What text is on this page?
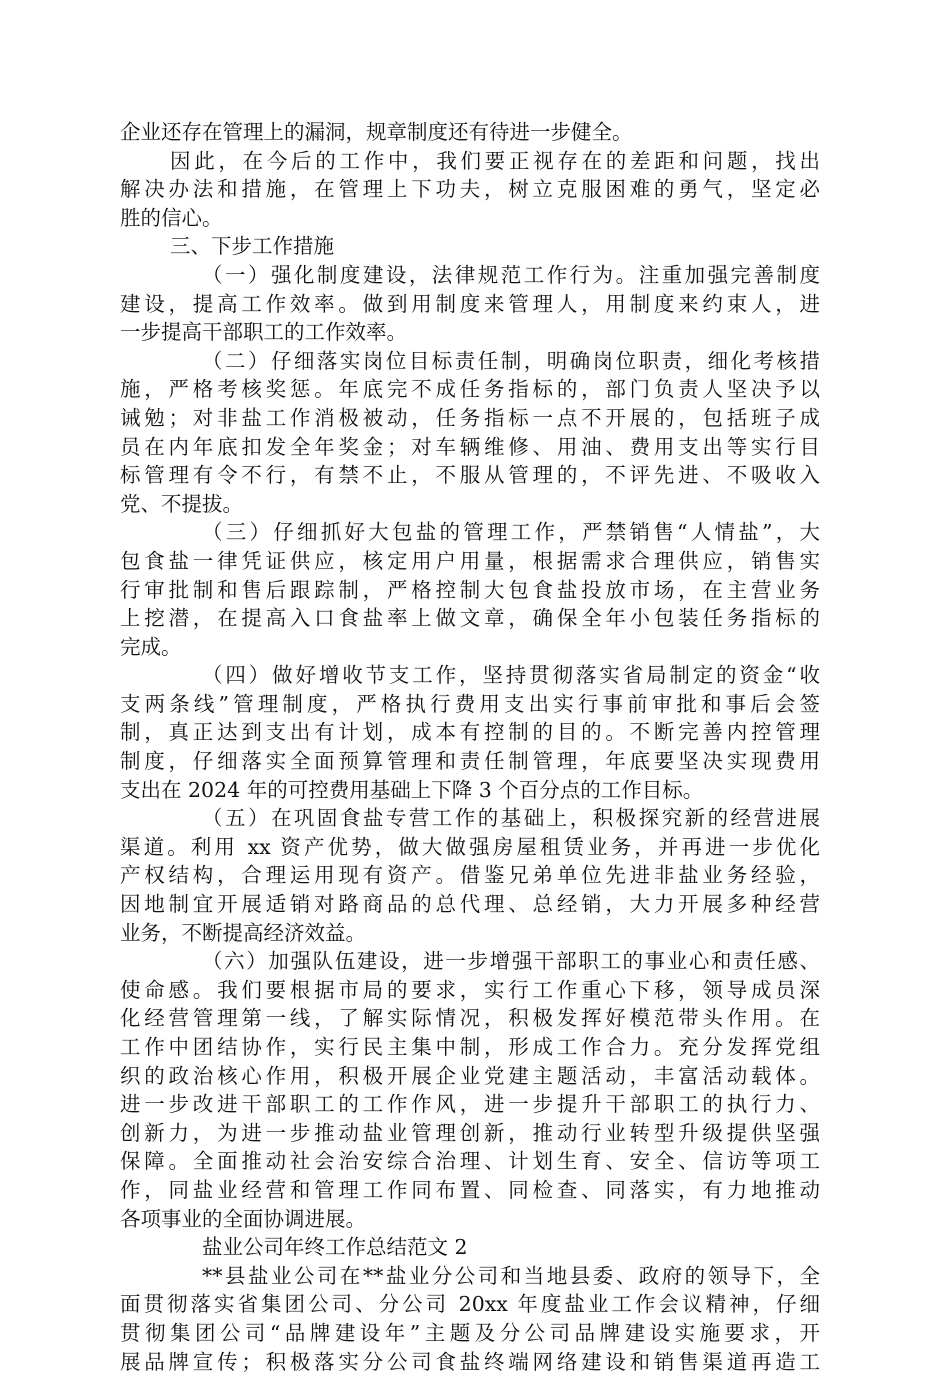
企业还存在管理上的漏洞，规章制度还有待进一步健全。
因此，在今后的工作中，我们要正视存在的差距和问题，找出
解决办法和措施，在管理上下功夫，树立克服困难的勇气，坚定必
胜的信心。
三、下步工作措施
（一）强化制度建设，法律规范工作行为。注重加强完善制度
建设，提高工作效率。做到用制度来管理人，用制度来约束人，进
一步提高干部职工的工作效率。
（二）仔细落实岗位目标责任制，明确岗位职责，细化考核措
施，严格考核奖惩。年底完不成任务指标的，部门负责人坚决予以
诫勉；对非盐工作消极被动，任务指标一点不开展的，包括班子成
员在内年底扣发全年奖金；对车辆维修、用油、费用支出等实行目
标管理有令不行，有禁不止，不服从管理的，不评先进、不吸收入
党、不提拔。
（三）仔细抓好大包盐的管理工作，严禁销售“人情盐”，大
包食盐一律凭证供应，核定用户用量，根据需求合理供应，销售实
行审批制和售后跟踪制，严格控制大包食盐投放市场，在主营业务
上挖潜，在提高入口食盐率上做文章，确保全年小包装任务指标的
完成。
（四）做好增收节支工作，坚持贯彻落实省局制定的资金“收
支两条线”管理制度，严格执行费用支出实行事前审批和事后会签
制，真正达到支出有计划，成本有控制的目的。不断完善内控管理
制度，仔细落实全面预算管理和责任制管理，年底要坚决实现费用
支出在 2024 年的可控费用基础上下降 3 个百分点的工作目标。
（五）在巩固食盐专营工作的基础上，积极探究新的经营进展
渠道。利用 xx 资产优势，做大做强房屋租赁业务，并再进一步优化
产权结构，合理运用现有资产。借鉴兄弟单位先进非盐业务经验，
因地制宜开展适销对路商品的总代理、总经销，大力开展多种经营
业务，不断提高经济效益。
（六）加强队伍建设，进一步增强干部职工的事业心和责任感、
使命感。我们要根据市局的要求，实行工作重心下移，领导成员深
化经营管理第一线，了解实际情况，积极发挥好模范带头作用。在
工作中团结协作，实行民主集中制，形成工作合力。充分发挥党组
织的政治核心作用，积极开展企业党建主题活动，丰富活动载体。
进一步改进干部职工的工作作风，进一步提升干部职工的执行力、
创新力，为进一步推动盐业管理创新，推动行业转型升级提供坚强
保障。全面推动社会治安综合治理、计划生育、安全、信访等项工
作，同盐业经营和管理工作同布置、同检查、同落实，有力地推动
各项事业的全面协调进展。
盐业公司年终工作总结范文 2
**县盐业公司在**盐业分公司和当地县委、政府的领导下，全
面贯彻落实省集团公司、分公司 20xx 年度盐业工作会议精神，仔细
贯彻集团公司“品牌建设年”主题及分公司品牌建设实施要求，开
展品牌宣传；积极落实分公司食盐终端网络建设和销售渠道再造工
